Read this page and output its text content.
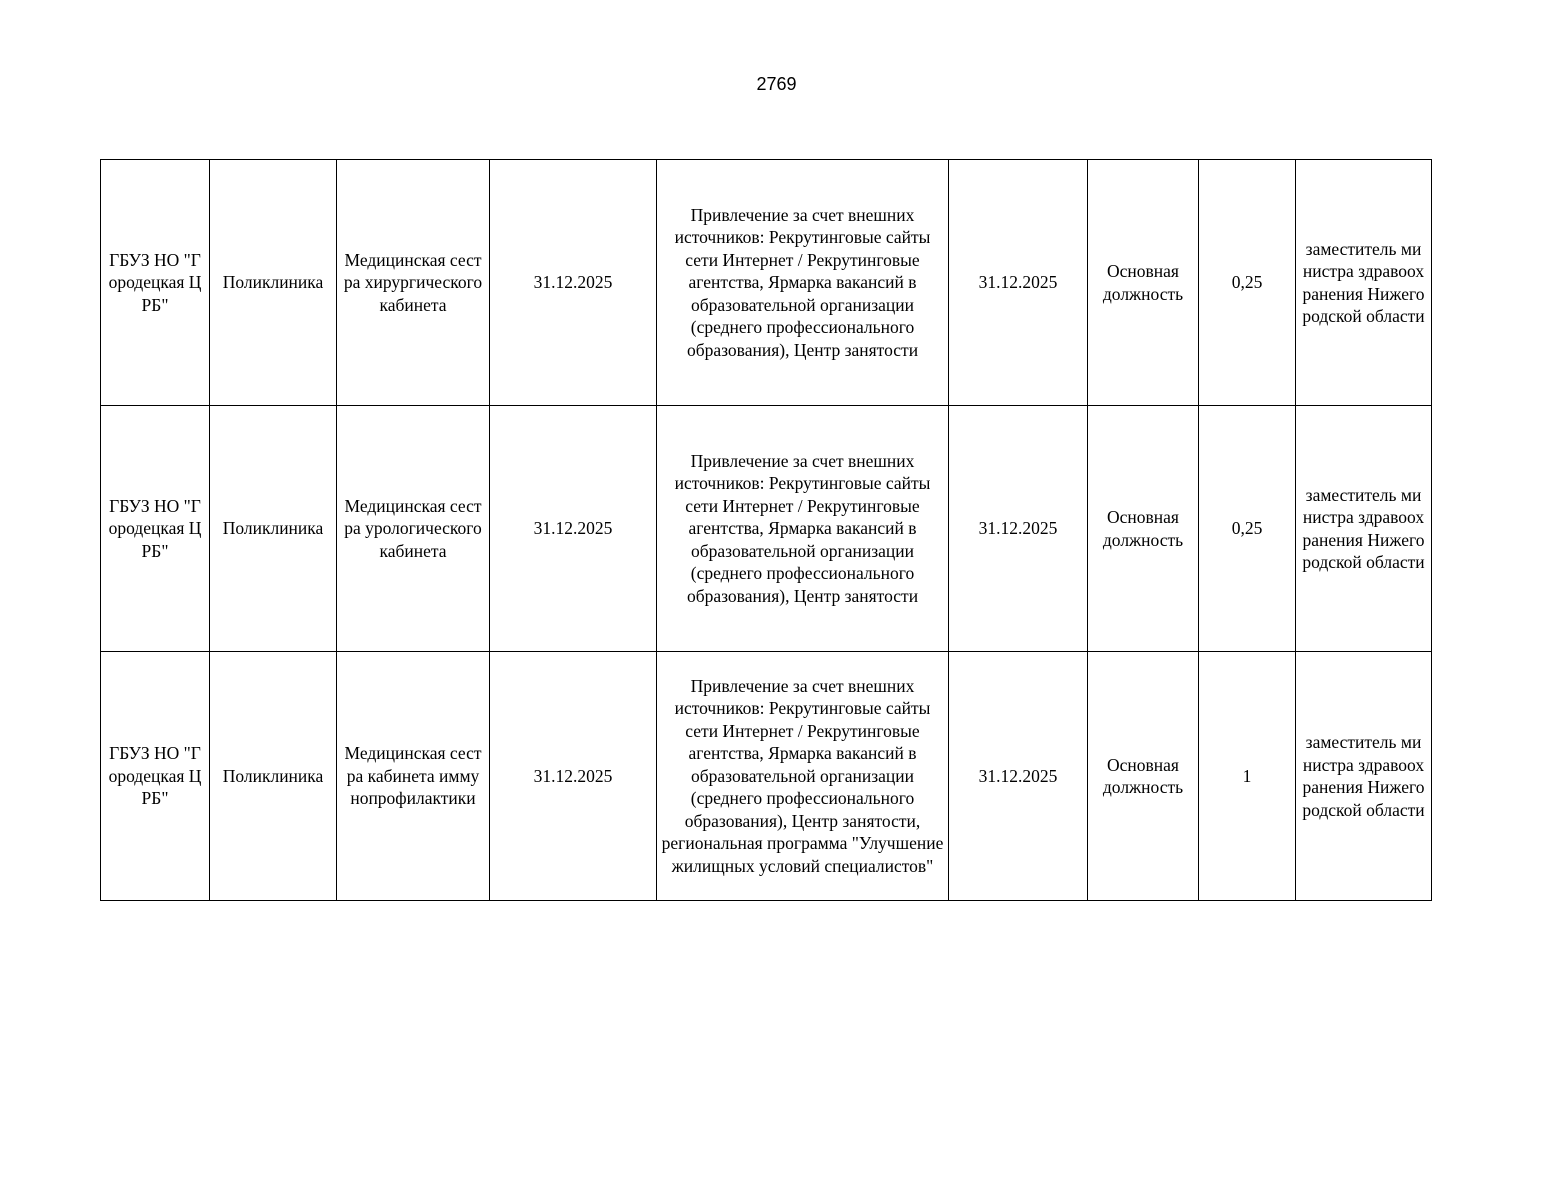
2769
ГБУЗ НО "Городецкая ЦРБ"	Поликлиника	Медицинская сестра хирургического кабинета	31.12.2025	Привлечение за счет внешних источников: Рекрутинговые сайты сети Интернет / Рекрутинговые агентства, Ярмарка вакансий в образовательной организации (среднего профессионального образования), Центр занятости	31.12.2025	Основная должность	0,25	заместитель министра здравоохранения Нижегородской области
ГБУЗ НО "Городецкая ЦРБ"	Поликлиника	Медицинская сестра урологического кабинета	31.12.2025	Привлечение за счет внешних источников: Рекрутинговые сайты сети Интернет / Рекрутинговые агентства, Ярмарка вакансий в образовательной организации (среднего профессионального образования), Центр занятости	31.12.2025	Основная должность	0,25	заместитель министра здравоохранения Нижегородской области
ГБУЗ НО "Городецкая ЦРБ"	Поликлиника	Медицинская сестра кабинета иммунопрофилактики	31.12.2025	Привлечение за счет внешних источников: Рекрутинговые сайты сети Интернет / Рекрутинговые агентства, Ярмарка вакансий в образовательной организации (среднего профессионального образования), Центр занятости, региональная программа "Улучшение жилищных условий специалистов"	31.12.2025	Основная должность	1	заместитель министра здравоохранения Нижегородской области
